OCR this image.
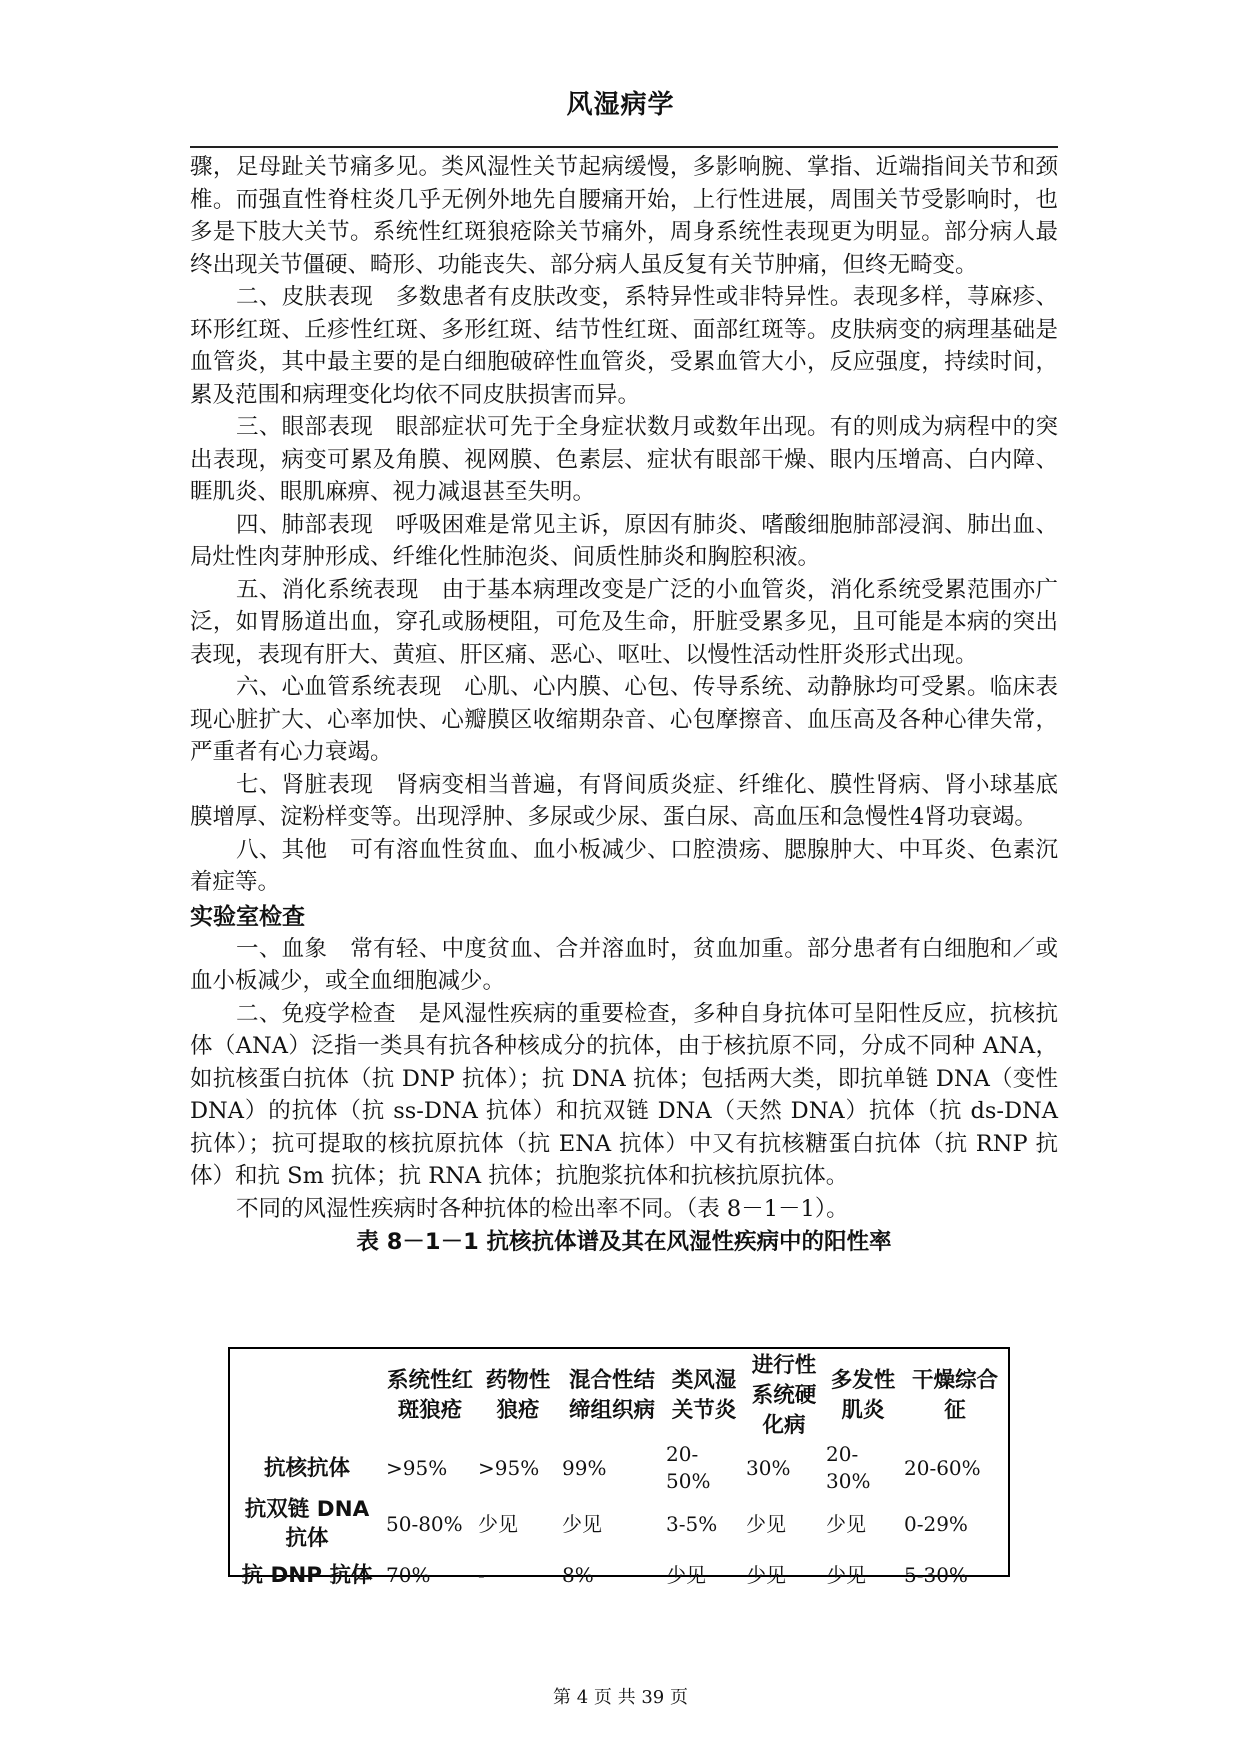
风湿病学

骤，足母趾关节痛多见。类风湿性关节起病缓慢，多影响腕、掌指、近端指间关节和颈椎。而强直性脊柱炎几乎无例外地先自腰痛开始，上行性进展，周围关节受影响时，也多是下肢大关节。系统性红斑狼疮除关节痛外，周身系统性表现更为明显。部分病人最终出现关节僵硬、畸形、功能丧失、部分病人虽反复有关节肿痛，但终无畸变。

二、皮肤表现　多数患者有皮肤改变，系特异性或非特异性。表现多样，荨麻疹、环形红斑、丘疹性红斑、多形红斑、结节性红斑、面部红斑等。皮肤病变的病理基础是血管炎，其中最主要的是白细胞破碎性血管炎，受累血管大小，反应强度，持续时间，累及范围和病理变化均依不同皮肤损害而异。

三、眼部表现　眼部症状可先于全身症状数月或数年出现。有的则成为病程中的突出表现，病变可累及角膜、视网膜、色素层、症状有眼部干燥、眼内压增高、白内障、睚肌炎、眼肌麻痹、视力减退甚至失明。

四、肺部表现　呼吸困难是常见主诉，原因有肺炎、嗜酸细胞肺部浸润、肺出血、局灶性肉芽肿形成、纤维化性肺泡炎、间质性肺炎和胸腔积液。

五、消化系统表现　由于基本病理改变是广泛的小血管炎，消化系统受累范围亦广泛，如胃肠道出血，穿孔或肠梗阻，可危及生命，肝脏受累多见，且可能是本病的突出表现，表现有肝大、黄疸、肝区痛、恶心、呕吐、以慢性活动性肝炎形式出现。

六、心血管系统表现　心肌、心内膜、心包、传导系统、动静脉均可受累。临床表现心脏扩大、心率加快、心瓣膜区收缩期杂音、心包摩擦音、血压高及各种心律失常，严重者有心力衰竭。

七、肾脏表现　肾病变相当普遍，有肾间质炎症、纤维化、膜性肾病、肾小球基底膜增厚、淀粉样变等。出现浮肿、多尿或少尿、蛋白尿、高血压和急慢性4肾功衰竭。

八、其他　可有溶血性贫血、血小板减少、口腔溃疡、腮腺肿大、中耳炎、色素沉着症等。

实验室检查

一、血象　常有轻、中度贫血、合并溶血时，贫血加重。部分患者有白细胞和／或血小板减少，或全血细胞减少。

二、免疫学检查　是风湿性疾病的重要检查，多种自身抗体可呈阳性反应，抗核抗体（ANA）泛指一类具有抗各种核成分的抗体，由于核抗原不同，分成不同种 ANA，如抗核蛋白抗体（抗 DNP 抗体）；抗 DNA 抗体；包括两大类，即抗单链 DNA（变性 DNA）的抗体（抗 ss-DNA 抗体）和抗双链 DNA（天然 DNA）抗体（抗 ds-DNA 抗体）；抗可提取的核抗原抗体（抗 ENA 抗体）中又有抗核糖蛋白抗体（抗 RNP 抗体）和抗 Sm 抗体；抗 RNA 抗体；抗胞浆抗体和抗核抗原抗体。

不同的风湿性疾病时各种抗体的检出率不同。（表 8－1－1）。

表 8－1－1 抗核抗体谱及其在风湿性疾病中的阳性率
	系统性红斑狼疮	药物性狼疮	混合性结缔组织病	类风湿关节炎	进行性系统硬化病	多发性肌炎	干燥综合征
抗核抗体	>95%	>95%	99%	20-50%	30%	20-30%	20-60%
抗双链 DNA 抗体	50-80%	少见	少见	3-5%	少见	少见	0-29%
抗 DNP 抗体	70%	-	8%	少见	少见	少见	5-30%
第 4 页 共 39 页
